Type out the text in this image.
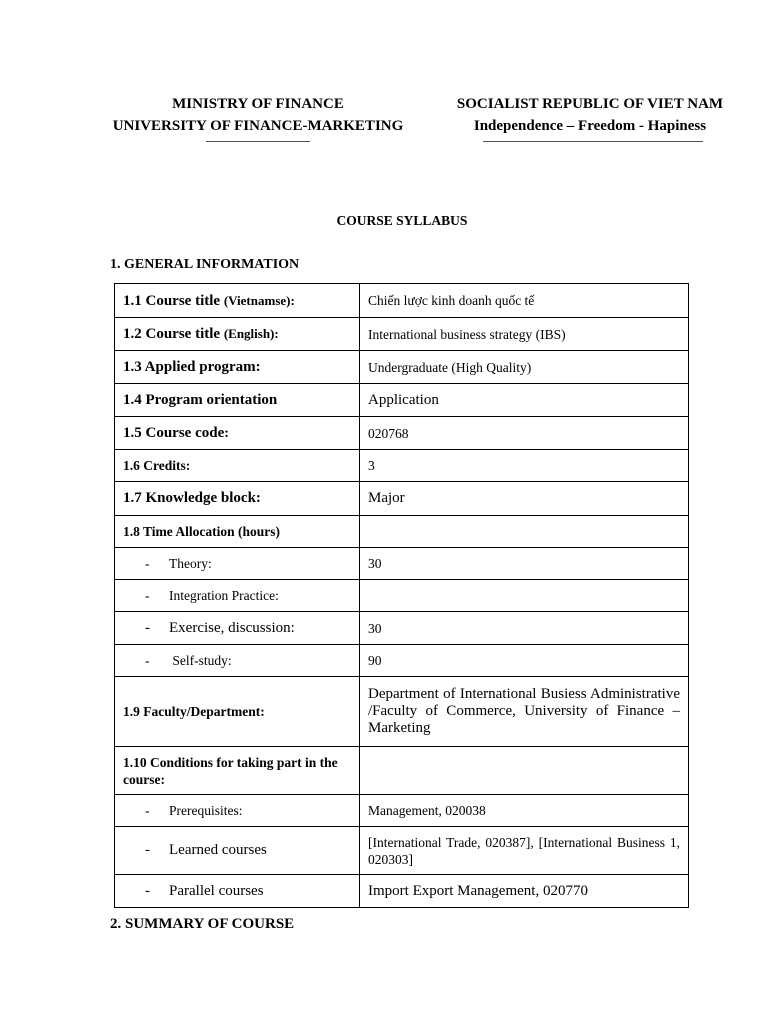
MINISTRY OF FINANCE
UNIVERSITY OF FINANCE-MARKETING
SOCIALIST REPUBLIC OF VIET NAM
Independence – Freedom - Hapiness
COURSE SYLLABUS
1. GENERAL INFORMATION
1.1 Course title (Vietnamse):	Chiến lược kinh doanh quốc tế
1.2 Course title (English):	International business strategy (IBS)
1.3 Applied program:	Undergraduate (High Quality)
1.4 Program orientation	Application
1.5 Course code:	020768
1.6 Credits:	3
1.7 Knowledge block:	Major
1.8 Time Allocation (hours)	
- Theory:	30
- Integration Practice:	
- Exercise, discussion:	30
- Self-study:	90
1.9 Faculty/Department:	Department of International Busiess Administrative /Faculty of Commerce, University of Finance – Marketing
1.10 Conditions for taking part in the course:	
- Prerequisites:	Management, 020038
- Learned courses	[International Trade, 020387], [International Business 1, 020303]
- Parallel courses	Import Export Management, 020770
2. SUMMARY OF COURSE
